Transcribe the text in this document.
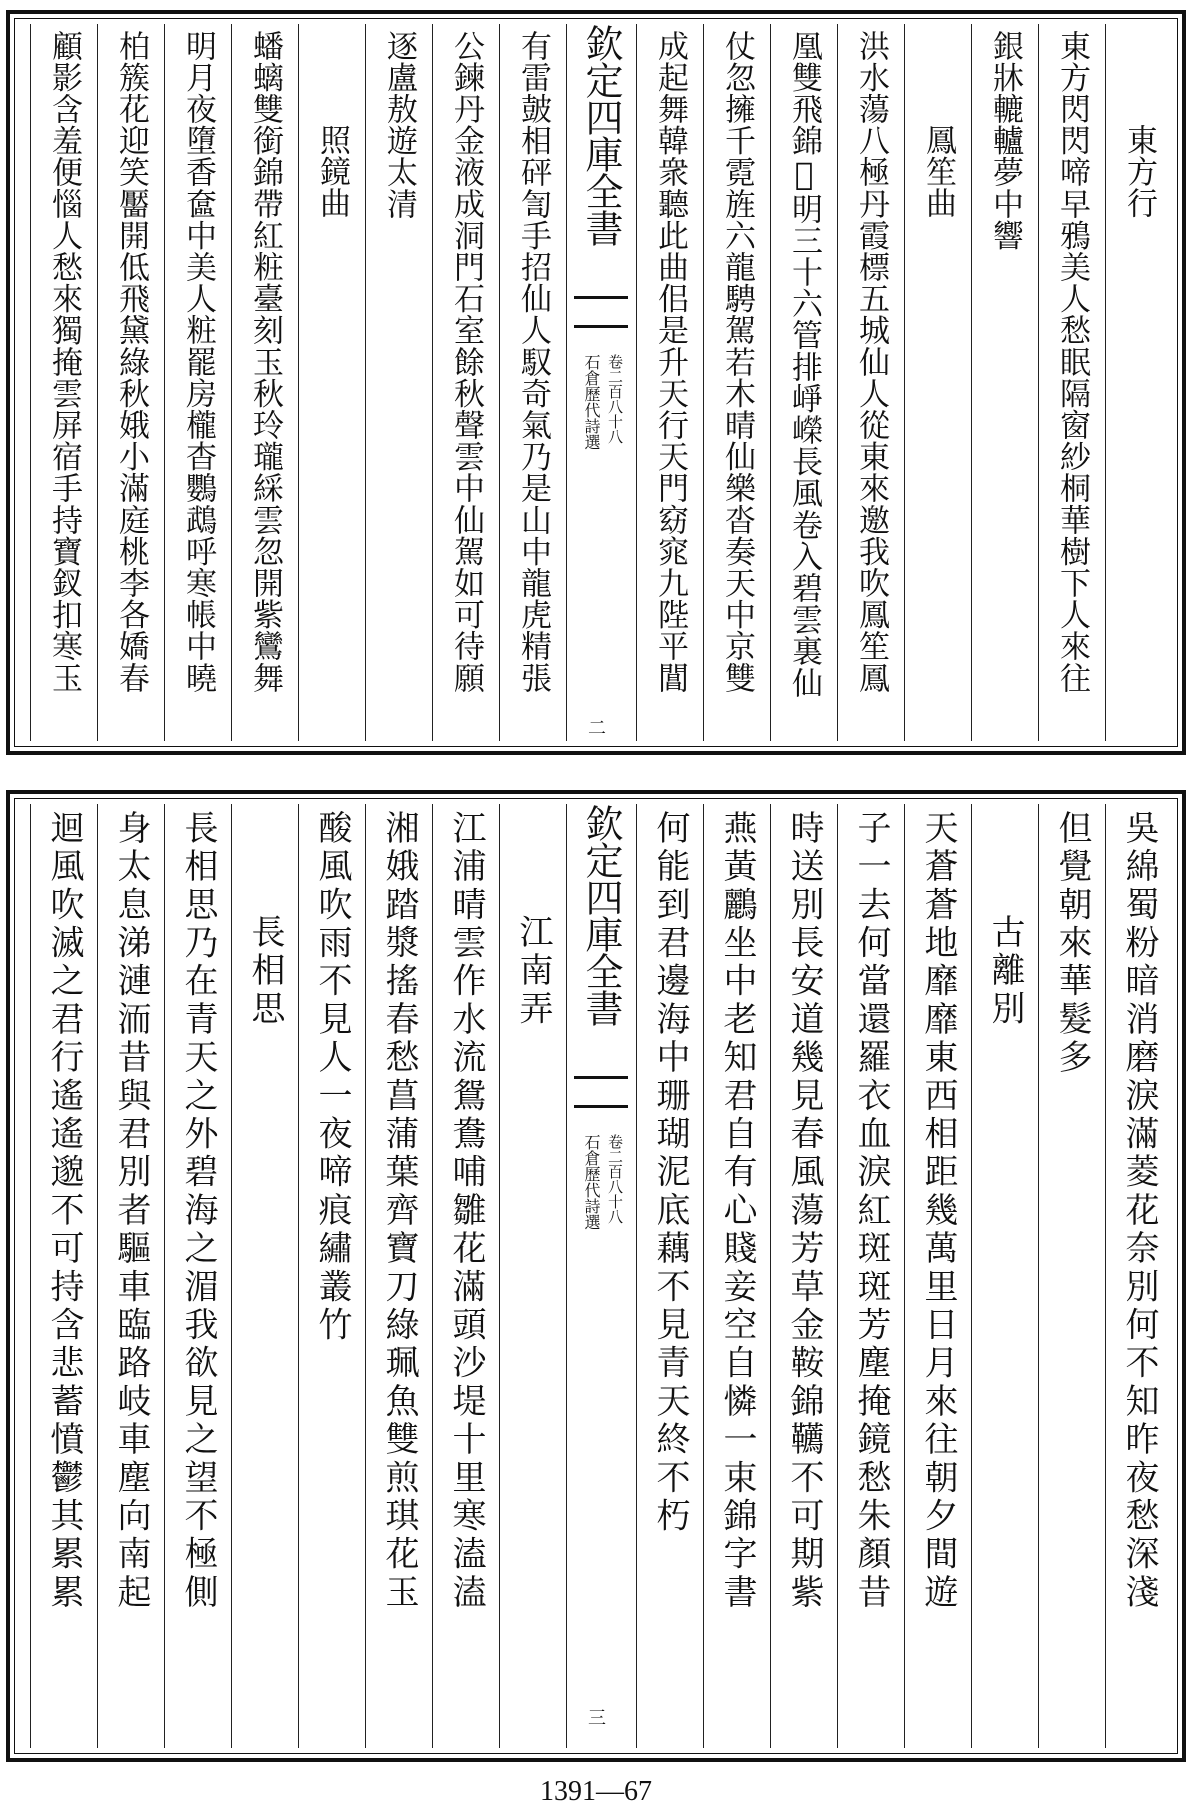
東方行
東方閃閃啼早鴉美人愁眠隔窗紗桐華樹下人來往
銀牀轆轤夢中響
鳳笙曲
洪水蕩八極丹霞標五城仙人從東來邀我吹鳳笙鳳
凰雙飛錦𩍐明三十六管排崢嶸長風卷入碧雲裏仙
仗忽擁千霓旌六龍騁駕若木晴仙樂沓奏天中京雙
成起舞韓衆聽此曲佀是升天行天門窈窕九陛平閶
欽定四庫全書
石倉歷代詩選 卷二百八十八
二
有雷皷相砰訇手招仙人馭奇氣乃是山中龍虎精張
公鍊丹金液成洞門石室餘秋聲雲中仙駕如可待願
逐盧敖遊太清
照鏡曲
蟠螭雙銜錦帶紅粧臺刻玉秋玲瓏綵雲忽開紫鸞舞
明月夜墮香奩中美人粧罷房櫳杳鸚鵡呼寒帳中曉
柏簇花迎笑靨開低飛黛綠秋娥小滿庭桃李各嬌春
顧影含羞便惱人愁來獨掩雲屏宿手持寶釵扣寒玉
吳綿蜀粉暗消磨淚滿菱花奈別何不知昨夜愁深淺
但覺朝來華髮多
古離別
天蒼蒼地靡靡東西相距幾萬里日月來往朝夕間遊
子一去何當還羅衣血淚紅斑斑芳塵掩鏡愁朱顏昔
時送別長安道幾見春風蕩芳草金鞍錦韉不可期紫
燕黃鸝坐中老知君自有心賤妾空自憐一束錦字書
何能到君邊海中珊瑚泥底藕不見青天終不朽
欽定四庫全書
石倉歷代詩選 卷二百八十八
三
江南弄
江浦晴雲作水流鴛鴦哺雛花滿頭沙堤十里寒溘溘
湘娥踏漿搖春愁菖蒲葉齊寶刀綠珮魚雙煎琪花玉
酸風吹雨不見人一夜啼痕繡叢竹
長相思
長相思乃在青天之外碧海之湄我欲見之望不極側
身太息涕漣洏昔與君別者驅車臨路岐車塵向南起
迴風吹滅之君行遙遙邈不可持含悲蓄憤鬱其累累
1391—67
